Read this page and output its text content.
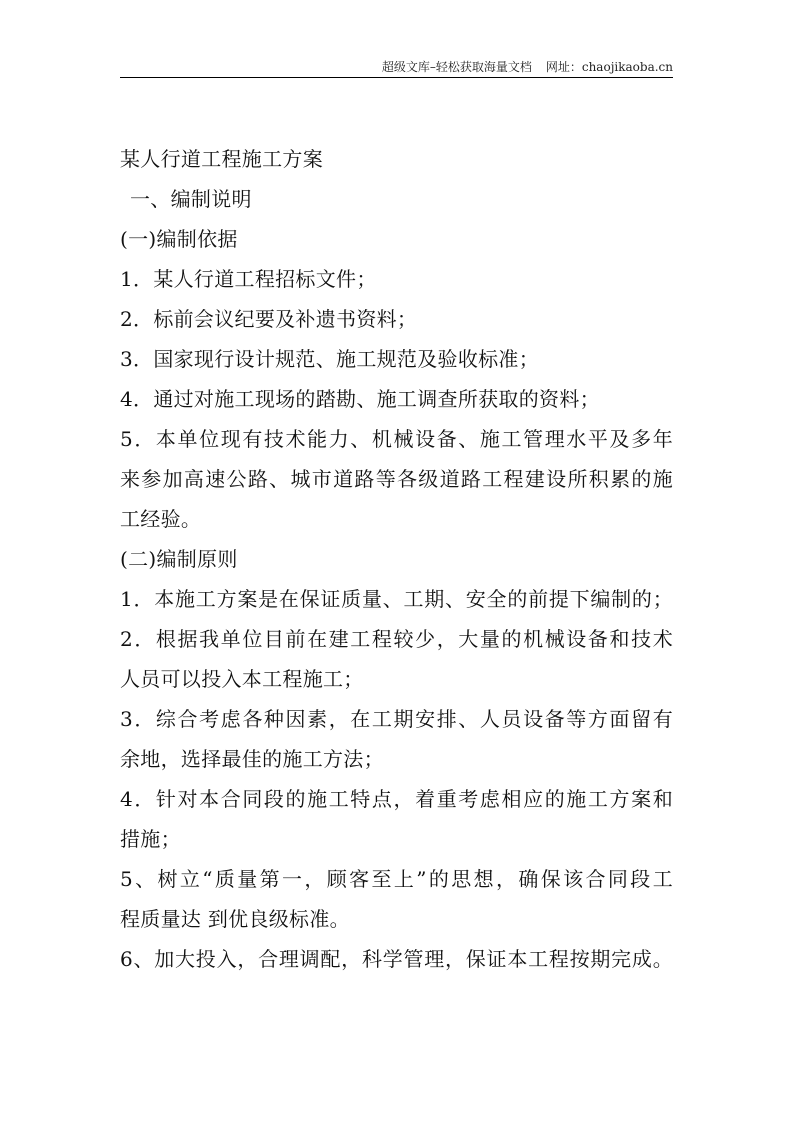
超级文库–轻松获取海量文档 网址：chaojikaoba.cn
某人行道工程施工方案
一、编制说明
(一)编制依据
1．某人行道工程招标文件；
2．标前会议纪要及补遗书资料；
3．国家现行设计规范、施工规范及验收标准；
4．通过对施工现场的踏勘、施工调查所获取的资料；
5．本单位现有技术能力、机械设备、施工管理水平及多年
来参加高速公路、城市道路等各级道路工程建设所积累的施
工经验。
(二)编制原则
1．本施工方案是在保证质量、工期、安全的前提下编制的；
2．根据我单位目前在建工程较少，大量的机械设备和技术
人员可以投入本工程施工；
3．综合考虑各种因素，在工期安排、人员设备等方面留有
余地，选择最佳的施工方法；
4．针对本合同段的施工特点，着重考虑相应的施工方案和
措施；
5、树立“质量第一，顾客至上”的思想，确保该合同段工
程质量达 到优良级标准。
6、加大投入，合理调配，科学管理，保证本工程按期完成。
